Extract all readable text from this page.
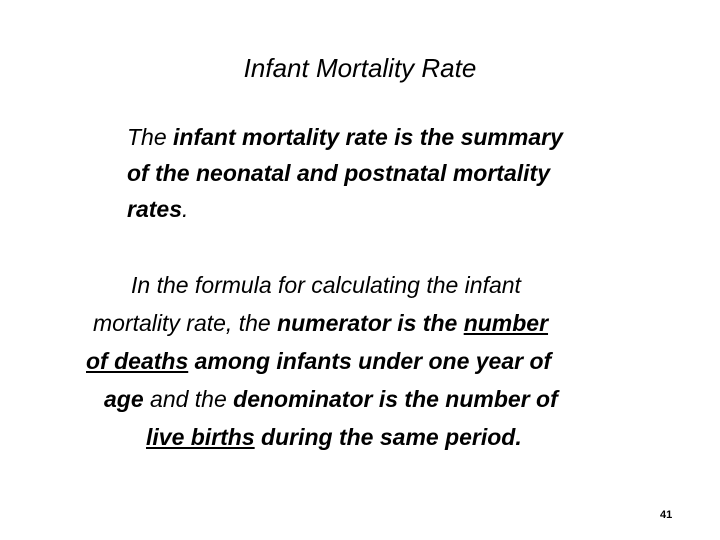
Infant Mortality Rate
The infant mortality rate is the summary
of the neonatal and postnatal mortality
rates.
In the formula for calculating the infant
mortality rate, the numerator is the number
of deaths among infants under one year of
age and the denominator is the number of
live births during the same period.
41
